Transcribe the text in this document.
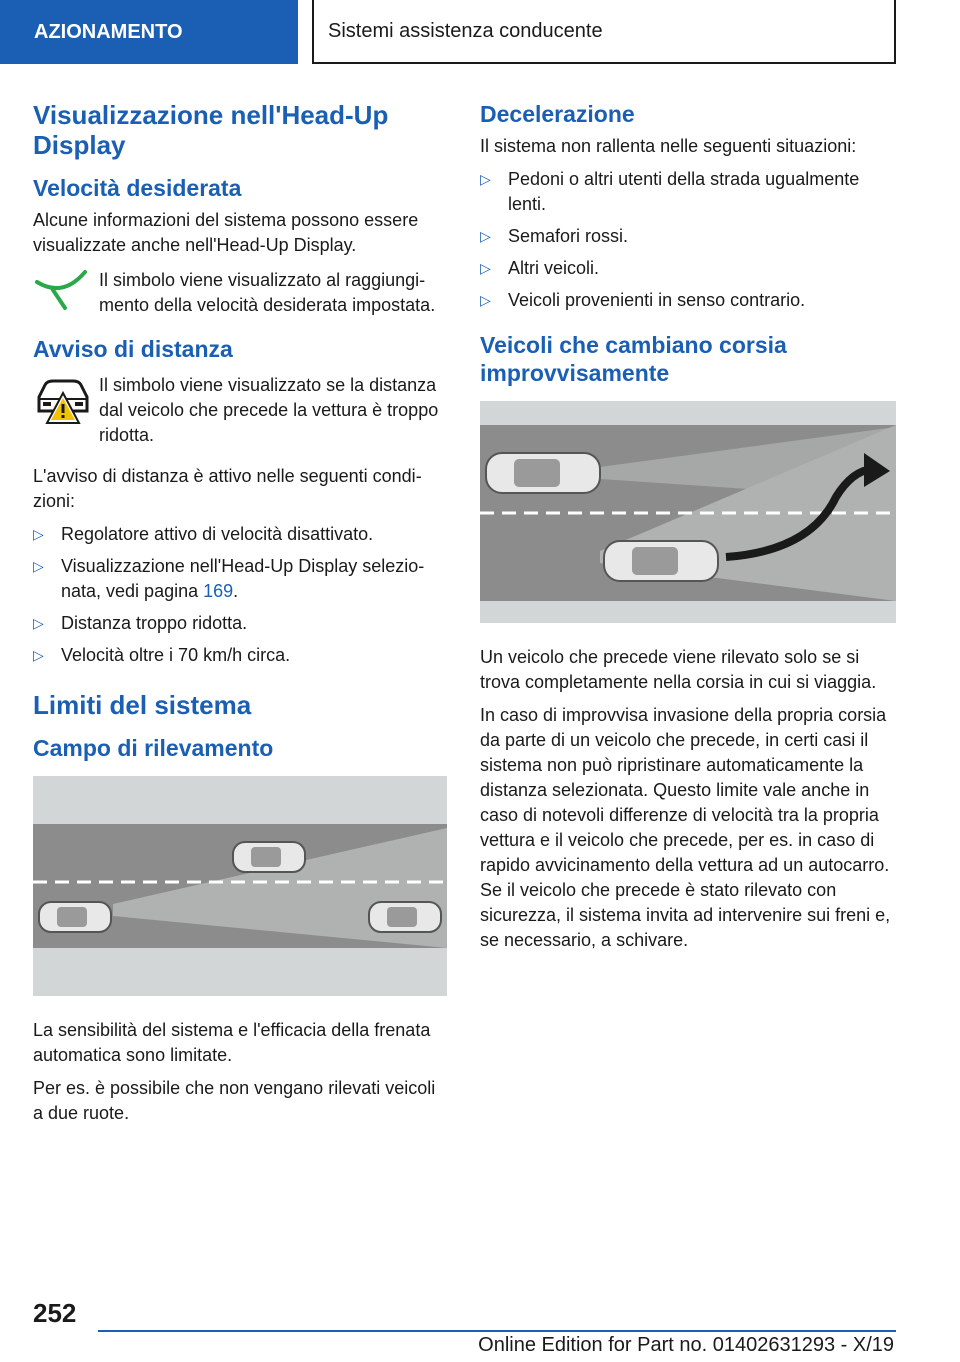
AZIONAMENTO	Sistemi assistenza conducente
Visualizzazione nell'Head-Up Display
Velocità desiderata

Alcune informazioni del sistema possono essere visualizzate anche nell'Head-Up Display.

Il simbolo viene visualizzato al raggiungimento della velocità desiderata impostata.

Avviso di distanza

Il simbolo viene visualizzato se la distanza dal veicolo che precede la vettura è troppo ridotta.

L'avviso di distanza è attivo nelle seguenti condizioni:

▷ Regolatore attivo di velocità disattivato.
▷ Visualizzazione nell'Head-Up Display selezionata, vedi pagina 169.
▷ Distanza troppo ridotta.
▷ Velocità oltre i 70 km/h circa.
Limiti del sistema
Campo di rilevamento

La sensibilità del sistema e l'efficacia della frenata automatica sono limitate.

Per es. è possibile che non vengano rilevati veicoli a due ruote.

Decelerazione

Il sistema non rallenta nelle seguenti situazioni:

▷ Pedoni o altri utenti della strada ugualmente lenti.
▷ Semafori rossi.
▷ Altri veicoli.
▷ Veicoli provenienti in senso contrario.
Veicoli che cambiano corsia improvvisamente

Un veicolo che precede viene rilevato solo se si trova completamente nella corsia in cui si viaggia.

In caso di improvvisa invasione della propria corsia da parte di un veicolo che precede, in certi casi il sistema non può ripristinare automaticamente la distanza selezionata. Questo limite vale anche in caso di notevoli differenze di velocità tra la propria vettura e il veicolo che precede, per es. in caso di rapido avvicinamento della vettura ad un autocarro. Se il veicolo che precede è stato rilevato con sicurezza, il sistema invita ad intervenire sui freni e, se necessario, a schivare.

252
Online Edition for Part no. 01402631293 - X/19
